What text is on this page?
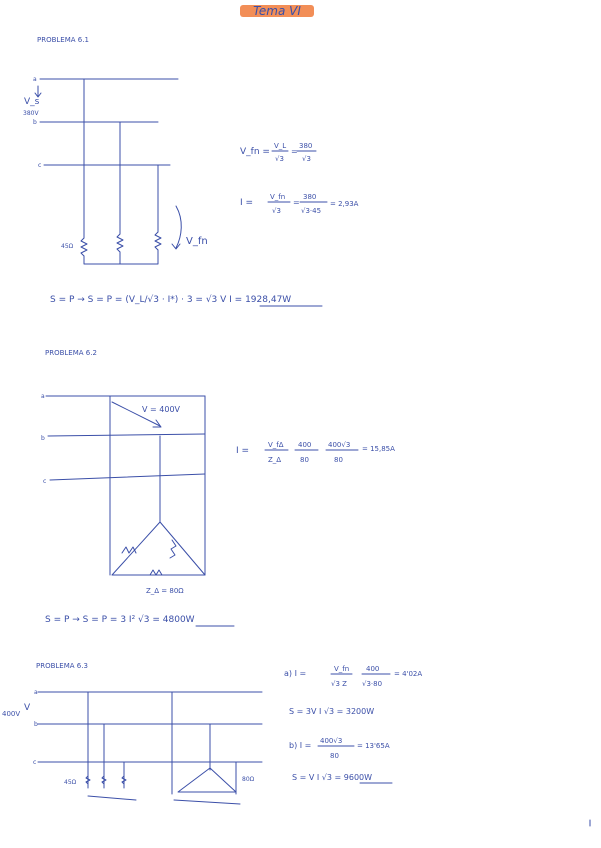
Tema VI
PROBLEMA 6.1
a
b
c
V_s
380V
45Ω	V_fn
V_fn =
V_L
√3
=
380
√3
I =
V_fn
√3
=
380
√3·45
= 2,93A
S = P → S = P = (V_L/√3 · I*) · 3 = √3 V I = 1928,47W
PROBLEMA 6.2
a
b
c
V = 400V
Z_Δ = 80Ω
I =
V_fΔ
Z_Δ
400
80
400√3
80
= 15,85A
S = P → S = P = 3 I² √3 = 4800W
PROBLEMA 6.3
a
b
c
400V
V
45Ω	80Ω
a) I =	V_fn
√3 Z
400
√3·80
= 4'02A
S = 3V I √3 = 3200W
b) I = 400√3
80
= 13'65A
S = V I √3 = 9600W
